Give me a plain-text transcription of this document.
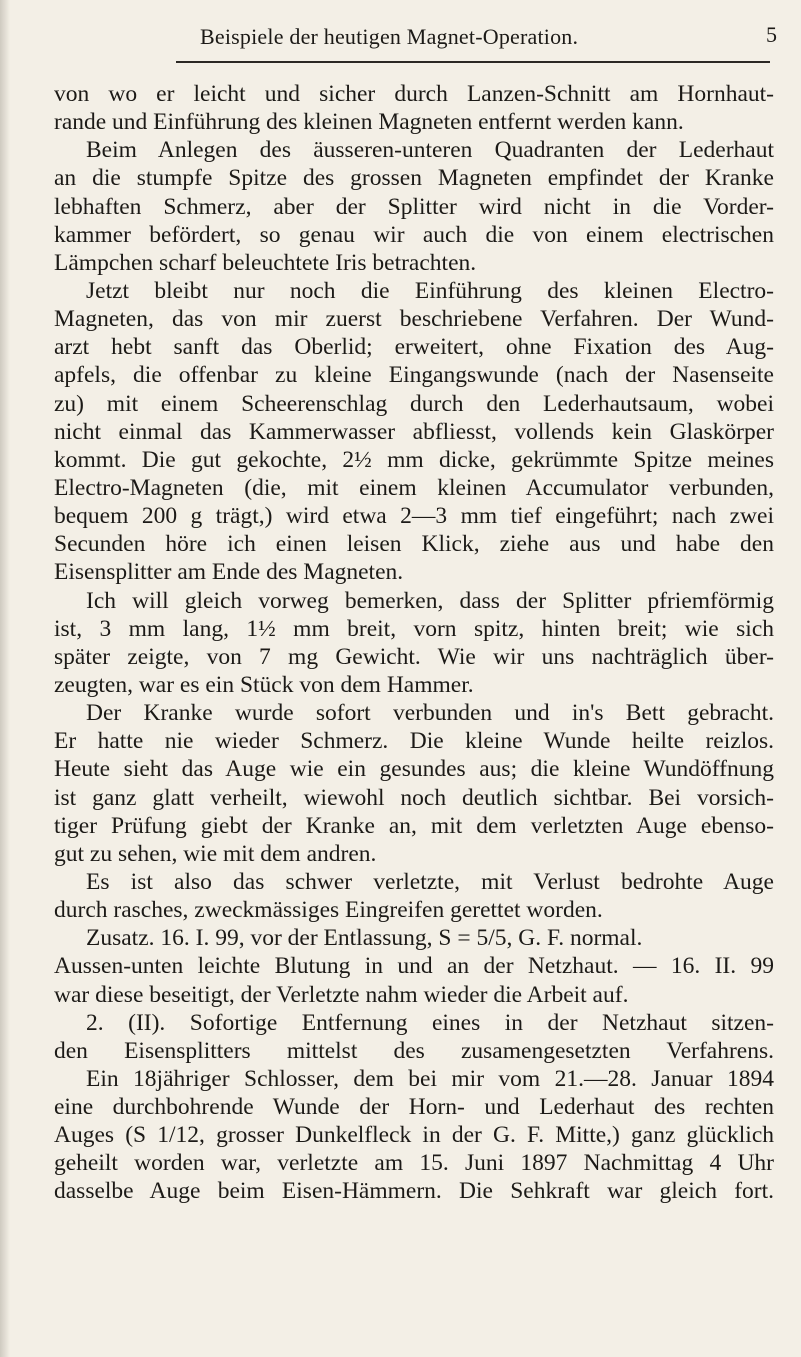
Beispiele der heutigen Magnet-Operation.	5
von wo er leicht und sicher durch Lanzen-Schnitt am Hornhaut-
rande und Einführung des kleinen Magneten entfernt werden kann.
Beim Anlegen des äusseren-unteren Quadranten der Lederhaut
an die stumpfe Spitze des grossen Magneten empfindet der Kranke
lebhaften Schmerz, aber der Splitter wird nicht in die Vorder-
kammer befördert, so genau wir auch die von einem electrischen
Lämpchen scharf beleuchtete Iris betrachten.
Jetzt bleibt nur noch die Einführung des kleinen Electro-
Magneten, das von mir zuerst beschriebene Verfahren. Der Wund-
arzt hebt sanft das Oberlid; erweitert, ohne Fixation des Aug-
apfels, die offenbar zu kleine Eingangswunde (nach der Nasenseite
zu) mit einem Scheerenschlag durch den Lederhautsaum, wobei
nicht einmal das Kammerwasser abfliesst, vollends kein Glaskörper
kommt. Die gut gekochte, 2½ mm dicke, gekrümmte Spitze meines
Electro-Magneten (die, mit einem kleinen Accumulator verbunden,
bequem 200 g trägt,) wird etwa 2—3 mm tief eingeführt; nach zwei
Secunden höre ich einen leisen Klick, ziehe aus und habe den
Eisensplitter am Ende des Magneten.
Ich will gleich vorweg bemerken, dass der Splitter pfriemförmig
ist, 3 mm lang, 1½ mm breit, vorn spitz, hinten breit; wie sich
später zeigte, von 7 mg Gewicht. Wie wir uns nachträglich über-
zeugten, war es ein Stück von dem Hammer.
Der Kranke wurde sofort verbunden und in's Bett gebracht.
Er hatte nie wieder Schmerz. Die kleine Wunde heilte reizlos.
Heute sieht das Auge wie ein gesundes aus; die kleine Wundöffnung
ist ganz glatt verheilt, wiewohl noch deutlich sichtbar. Bei vorsich-
tiger Prüfung giebt der Kranke an, mit dem verletzten Auge ebenso-
gut zu sehen, wie mit dem andren.
Es ist also das schwer verletzte, mit Verlust bedrohte Auge
durch rasches, zweckmässiges Eingreifen gerettet worden.
Zusatz. 16. I. 99, vor der Entlassung, S = 5/5, G. F. normal.
Aussen-unten leichte Blutung in und an der Netzhaut. — 16. II. 99
war diese beseitigt, der Verletzte nahm wieder die Arbeit auf.
2. (II). Sofortige Entfernung eines in der Netzhaut sitzen-
den Eisensplitters mittelst des zusamengesetzten Verfahrens.
Ein 18jähriger Schlosser, dem bei mir vom 21.—28. Januar 1894
eine durchbohrende Wunde der Horn- und Lederhaut des rechten
Auges (S 1/12, grosser Dunkelfleck in der G. F. Mitte,) ganz glücklich
geheilt worden war, verletzte am 15. Juni 1897 Nachmittag 4 Uhr
dasselbe Auge beim Eisen-Hämmern. Die Sehkraft war gleich fort.
